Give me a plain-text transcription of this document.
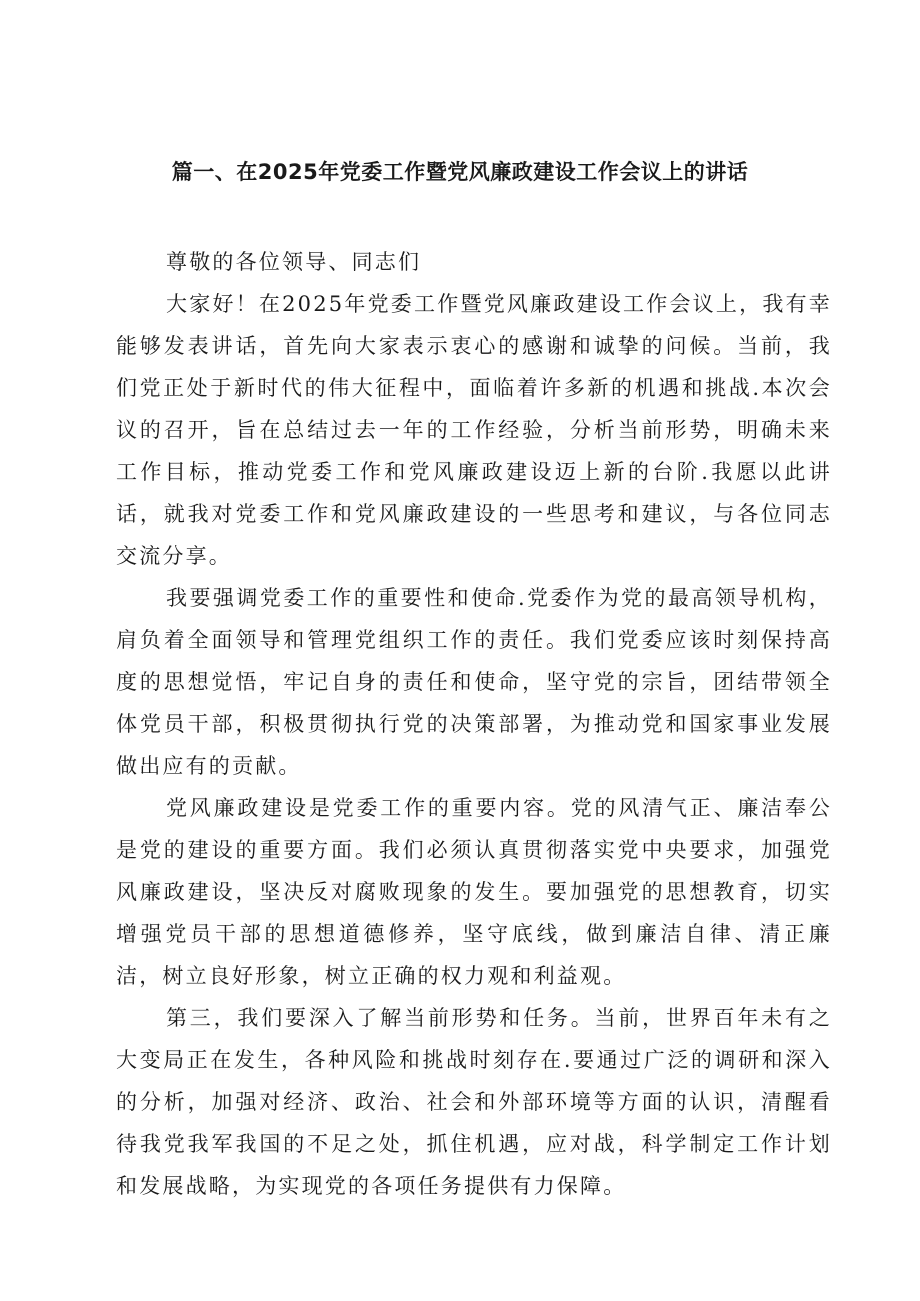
篇一、在2025年党委工作暨党风廉政建设工作会议上的讲话

尊敬的各位领导、同志们

大家好！在2025年党委工作暨党风廉政建设工作会议上，我有幸能够发表讲话，首先向大家表示衷心的感谢和诚挚的问候。当前，我们党正处于新时代的伟大征程中，面临着许多新的机遇和挑战.本次会议的召开，旨在总结过去一年的工作经验，分析当前形势，明确未来工作目标，推动党委工作和党风廉政建设迈上新的台阶.我愿以此讲话，就我对党委工作和党风廉政建设的一些思考和建议，与各位同志交流分享。

我要强调党委工作的重要性和使命.党委作为党的最高领导机构，肩负着全面领导和管理党组织工作的责任。我们党委应该时刻保持高度的思想觉悟，牢记自身的责任和使命，坚守党的宗旨，团结带领全体党员干部，积极贯彻执行党的决策部署，为推动党和国家事业发展做出应有的贡献。

党风廉政建设是党委工作的重要内容。党的风清气正、廉洁奉公是党的建设的重要方面。我们必须认真贯彻落实党中央要求，加强党风廉政建设，坚决反对腐败现象的发生。要加强党的思想教育，切实增强党员干部的思想道德修养，坚守底线，做到廉洁自律、清正廉洁，树立良好形象，树立正确的权力观和利益观。

第三，我们要深入了解当前形势和任务。当前，世界百年未有之大变局正在发生，各种风险和挑战时刻存在.要通过广泛的调研和深入的分析，加强对经济、政治、社会和外部环境等方面的认识，清醒看待我党我军我国的不足之处，抓住机遇，应对战，科学制定工作计划和发展战略，为实现党的各项任务提供有力保障。
